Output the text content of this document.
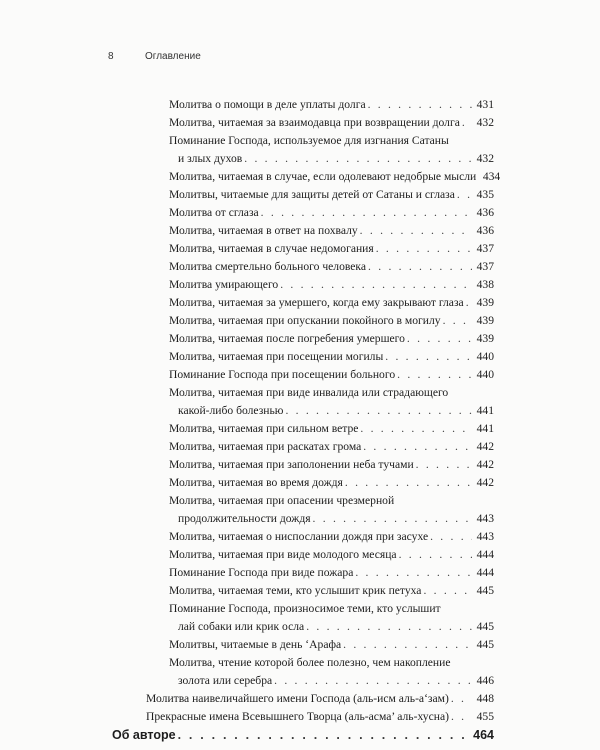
8	Оглавление
Молитва о помощи в деле уплаты долга . . .	431
Молитва, читаемая за взаимодавца при возвращении долга . . . 432
Поминание Господа, используемое для изгнания Сатаны
и злых духов . . .	432
Молитва, читаемая в случае, если одолевают недобрые мысли 434
Молитвы, читаемые для защиты детей от Сатаны и сглаза . . . 435
Молитва от сглаза . . .	436
Молитва, читаемая в ответ на похвалу . . .	436
Молитва, читаемая в случае недомогания . . .	437
Молитва смертельно больного человека . . .	437
Молитва умирающего . . .	438
Молитва, читаемая за умершего, когда ему закрывают глаза . . . 439
Молитва, читаемая при опускании покойного в могилу . . .	439
Молитва, читаемая после погребения умершего . . .	439
Молитва, читаемая при посещении могилы . . .	440
Поминание Господа при посещении больного . . .	440
Молитва, читаемая при виде инвалида или страдающего
какой-либо болезнью . . .	441
Молитва, читаемая при сильном ветре . . .	441
Молитва, читаемая при раскатах грома . . .	442
Молитва, читаемая при заполонении неба тучами . . .	442
Молитва, читаемая во время дождя . . .	442
Молитва, читаемая при опасении чрезмерной
продолжительности дождя . . .	443
Молитва, читаемая о ниспослании дождя при засухе . . .	443
Молитва, читаемая при виде молодого месяца . . .	444
Поминание Господа при виде пожара . . .	444
Молитва, читаемая теми, кто услышит крик петуха . . .	445
Поминание Господа, произносимое теми, кто услышит
лай собаки или крик осла . . .	445
Молитвы, читаемые в день ‘Арафа . . .	445
Молитва, чтение которой более полезно, чем накопление
золота или серебра . . .	446
Молитва наивеличайшего имени Господа (аль-исм аль-а‘зам) . . . 448
Прекрасные имена Всевышнего Творца (аль-асма’ аль-хусна) . . . 455
Об авторе . . .	464
